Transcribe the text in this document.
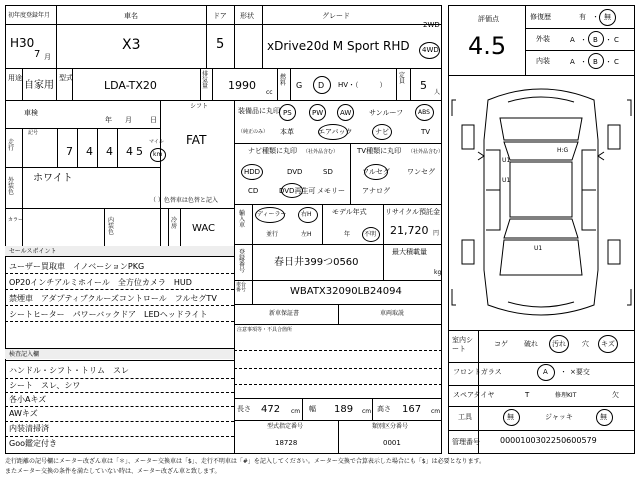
初年度登録年月
H30
7 月
車名
X3
ドア
5
形状	グレード
xDrive20d M Sport RHD
2WD
4WD
用途
自家用
型式
LDA-TX20
排気量 1990
cc
燃料 G D HV・（　　　）
定員 5
人
車検
年 月	日
シフト
FAT
走行
記号
7 4 4 4 5
マイル
km
外装色
ホワイト
（ ）色替車は色替と記入
カラー	内装色
冷房 WAC
セールスポイント
ユーザー買取車　イノベーションPKG
OP20インチアルミホイール　全方位カメラ　HUD
禁煙車　アダプティブクルーズコントロール　フルセグTV
シートヒーター　パワーバックドア　LEDヘッドライト
検査記入欄
ハンドル・シフト・トリム　スレ
シート　スレ、シワ
各小Aキズ
AWキズ
内装清掃済
Goo鑑定付き
装備品に丸印
（純正のみ）
PS	PW AW	サンルーフ ABS
本革	エアバック	ナビ	TV
ナビ種類に丸印 （社外品含む）
HDD	DVD	SD
CD	DVD再生可 メモリー
TV種類に丸印 （社外品含む）
フルセグ ワンセグ
アナログ
輸入車
ディーラー 右H
並行	左H
モデル年式
年 不明
リサイクル預託金
21,720 円
登録番号
春日井399つ0560
最大積載量
kg
車台番号	WBATX32090LB24094
新車保証書	車両取説
注意事項等・不具合箇所
長さ 472 cm 幅 189 cm 高さ 167 cm
型式指定番号
18728
類別区分番号
0001
評価点
4.5
修復歴	有 ・ 無
外装	A ・ B ・ C
内装	A ・ B ・ C
H:G
U1
U1
U1
室内シート
コゲ 破れ 汚れ 穴 キズ
フロントガラス	A ・ ×要交
スペアタイヤ	T	修理KIT	欠
工具	無	ジャッキ	無
管理番号	0000100302250600579
走行距離の記号欄にメーター改ざん車は「＊」、メーター交換車は「$」、走行不明車は「#」を記入してください。メーター交換で合算表示した場合にも「$」は必要となります。
またメーター交換の条件を満たしていない時は、メーター改ざん車と致します。
